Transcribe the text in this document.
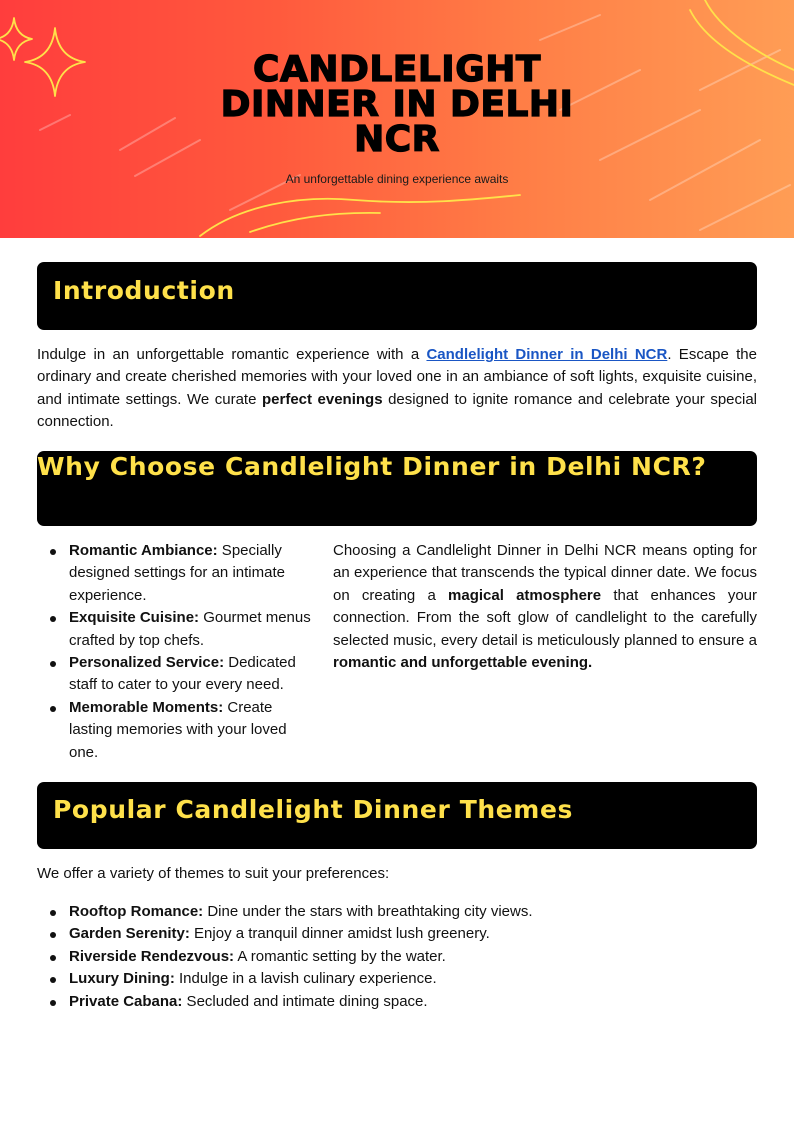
CANDLELIGHT
DINNER IN DELHI
NCR
An unforgettable dining experience awaits
Introduction

Indulge in an unforgettable romantic experience with a Candlelight Dinner in Delhi NCR. Escape the ordinary and create cherished memories with your loved one in an ambiance of soft lights, exquisite cuisine, and intimate settings. We curate perfect evenings designed to ignite romance and celebrate your special connection.

Why Choose Candlelight Dinner in Delhi NCR?
Romantic Ambiance: Specially designed settings for an intimate experience.
Exquisite Cuisine: Gourmet menus crafted by top chefs.
Personalized Service: Dedicated staff to cater to your every need.
Memorable Moments: Create lasting memories with your loved one.

Choosing a Candlelight Dinner in Delhi NCR means opting for an experience that transcends the typical dinner date. We focus on creating a magical atmosphere that enhances your connection. From the soft glow of candlelight to the carefully selected music, every detail is meticulously planned to ensure a romantic and unforgettable evening.

Popular Candlelight Dinner Themes

We offer a variety of themes to suit your preferences:

Rooftop Romance: Dine under the stars with breathtaking city views.
Garden Serenity: Enjoy a tranquil dinner amidst lush greenery.
Riverside Rendezvous: A romantic setting by the water.
Luxury Dining: Indulge in a lavish culinary experience.
Private Cabana: Secluded and intimate dining space.
